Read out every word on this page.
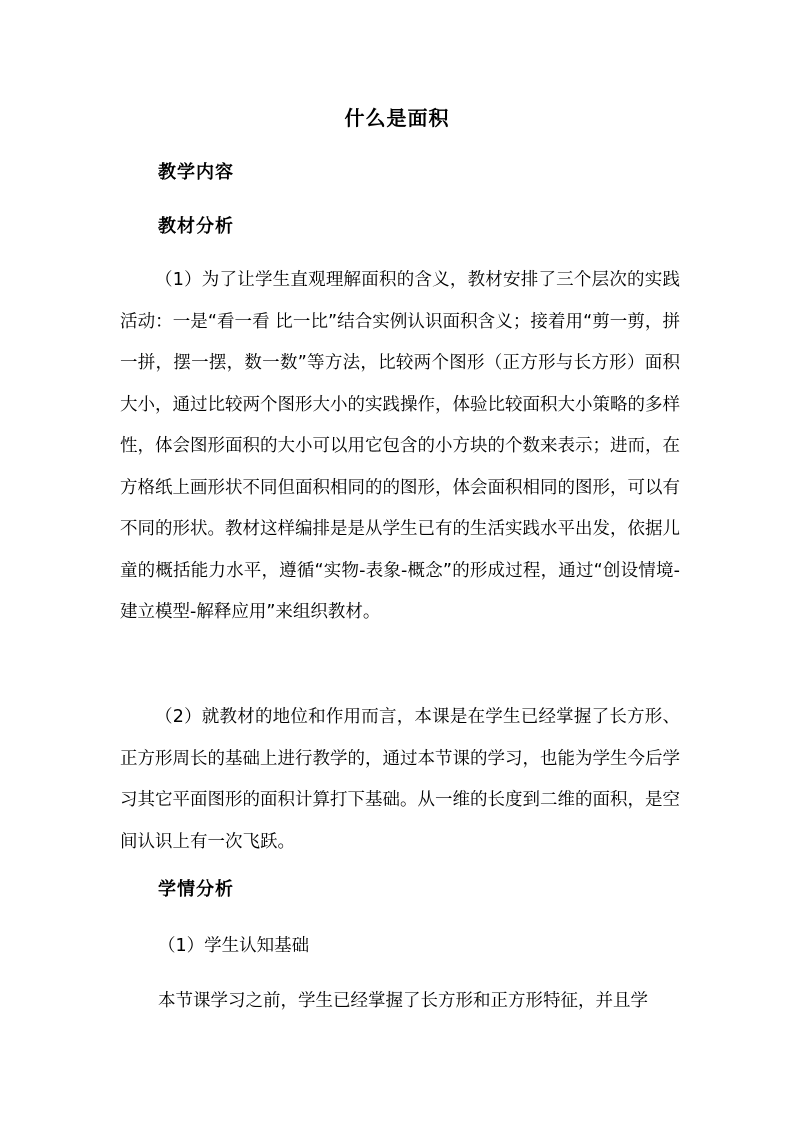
什么是面积
教学内容
教材分析

（1）为了让学生直观理解面积的含义，教材安排了三个层次的实践活动：一是“看一看 比一比”结合实例认识面积含义；接着用“剪一剪，拼一拼，摆一摆，数一数”等方法，比较两个图形（正方形与长方形）面积大小，通过比较两个图形大小的实践操作，体验比较面积大小策略的多样性，体会图形面积的大小可以用它包含的小方块的个数来表示；进而，在方格纸上画形状不同但面积相同的的图形，体会面积相同的图形，可以有不同的形状。教材这样编排是是从学生已有的生活实践水平出发，依据儿童的概括能力水平，遵循“实物-表象-概念”的形成过程，通过“创设情境-建立模型-解释应用”来组织教材。

（2）就教材的地位和作用而言，本课是在学生已经掌握了长方形、正方形周长的基础上进行教学的，通过本节课的学习，也能为学生今后学习其它平面图形的面积计算打下基础。从一维的长度到二维的面积，是空间认识上有一次飞跃。

学情分析
（1）学生认知基础
本节课学习之前，学生已经掌握了长方形和正方形特征，并且学
